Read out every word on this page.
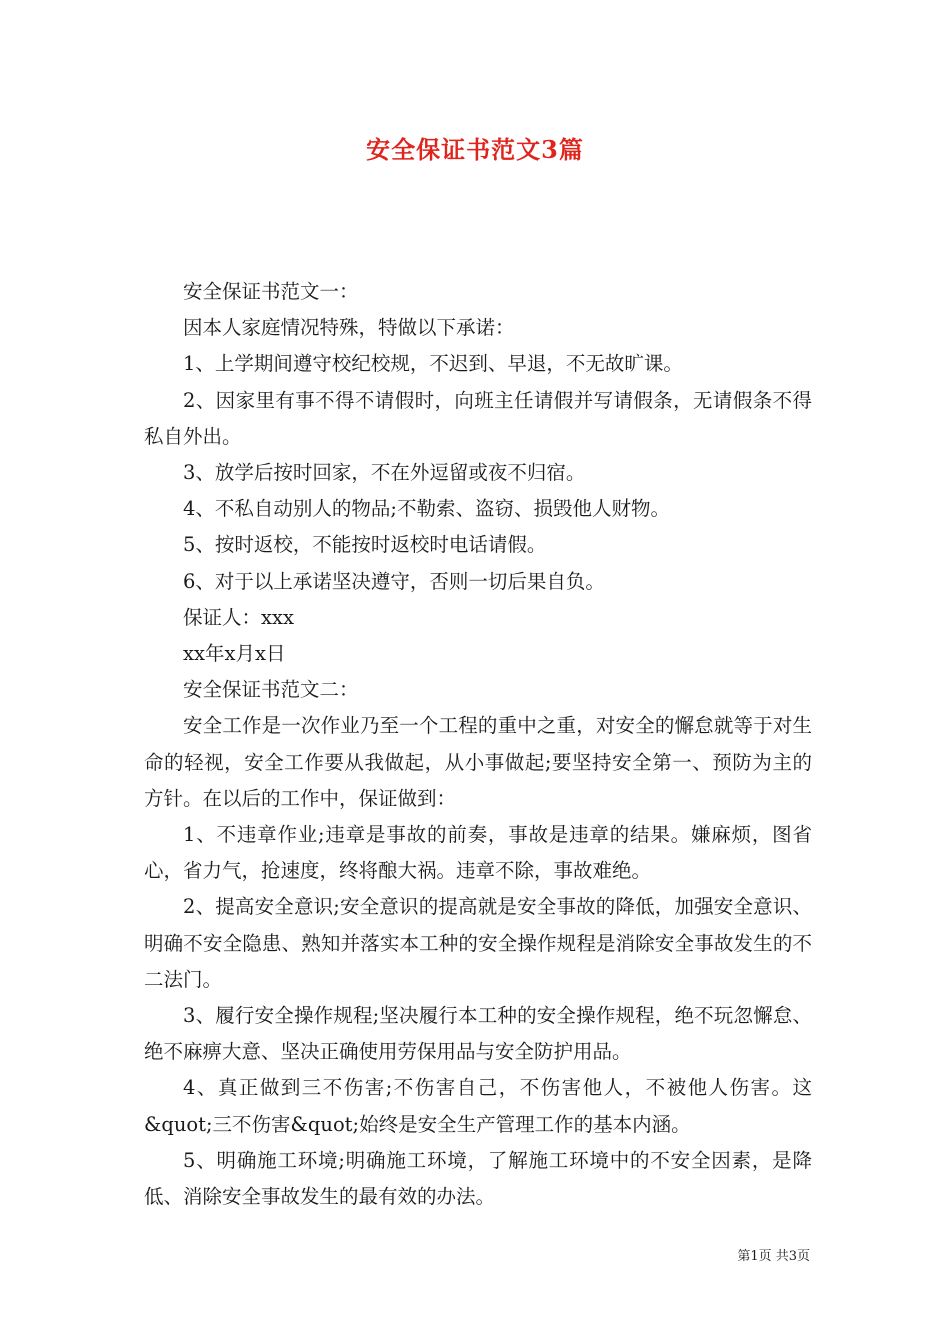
安全保证书范文3篇

安全保证书范文一：

因本人家庭情况特殊，特做以下承诺：

1、上学期间遵守校纪校规，不迟到、早退，不无故旷课。

2、因家里有事不得不请假时，向班主任请假并写请假条，无请假条不得私自外出。

3、放学后按时回家，不在外逗留或夜不归宿。

4、不私自动别人的物品;不勒索、盗窃、损毁他人财物。

5、按时返校，不能按时返校时电话请假。

6、对于以上承诺坚决遵守，否则一切后果自负。

保证人：xxx

xx年x月x日

安全保证书范文二：

安全工作是一次作业乃至一个工程的重中之重，对安全的懈怠就等于对生命的轻视，安全工作要从我做起，从小事做起;要坚持安全第一、预防为主的方针。在以后的工作中，保证做到：

1、不违章作业;违章是事故的前奏，事故是违章的结果。嫌麻烦，图省心，省力气，抢速度，终将酿大祸。违章不除，事故难绝。

2、提高安全意识;安全意识的提高就是安全事故的降低，加强安全意识、明确不安全隐患、熟知并落实本工种的安全操作规程是消除安全事故发生的不二法门。

3、履行安全操作规程;坚决履行本工种的安全操作规程，绝不玩忽懈怠、绝不麻痹大意、坚决正确使用劳保用品与安全防护用品。

4、真正做到三不伤害;不伤害自己，不伤害他人，不被他人伤害。这&quot;三不伤害&quot;始终是安全生产管理工作的基本内涵。

5、明确施工环境;明确施工环境，了解施工环境中的不安全因素，是降低、消除安全事故发生的最有效的办法。

第1页 共3页
